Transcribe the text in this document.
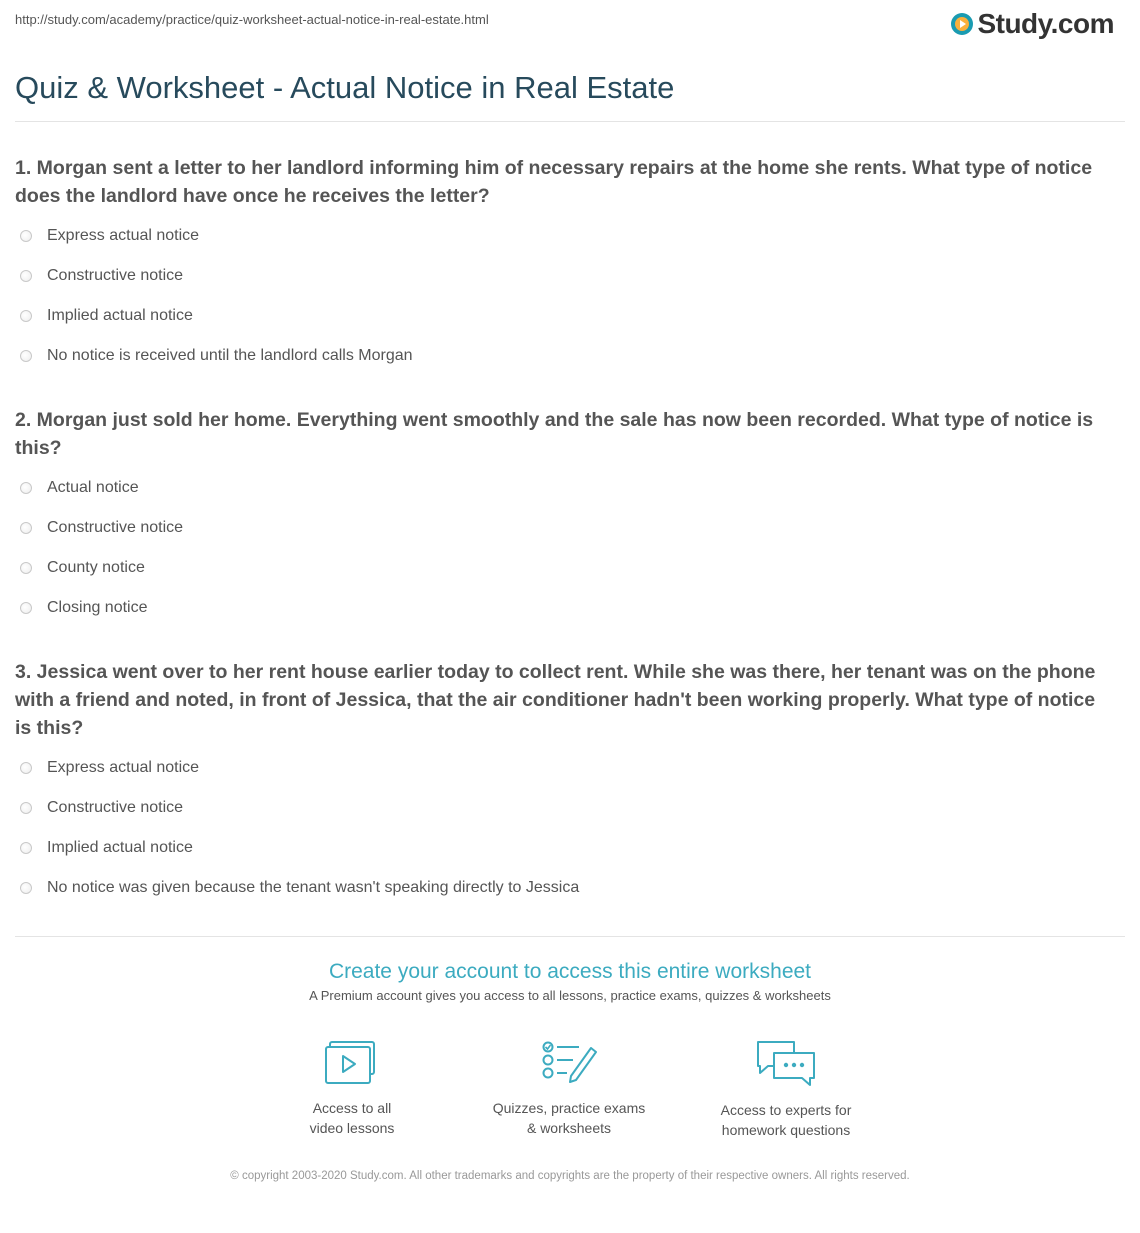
http://study.com/academy/practice/quiz-worksheet-actual-notice-in-real-estate.html	Study.com
Quiz & Worksheet - Actual Notice in Real Estate
1. Morgan sent a letter to her landlord informing him of necessary repairs at the home she rents. What type of notice does the landlord have once he receives the letter?
Express actual notice
Constructive notice
Implied actual notice
No notice is received until the landlord calls Morgan
2. Morgan just sold her home. Everything went smoothly and the sale has now been recorded. What type of notice is this?
Actual notice
Constructive notice
County notice
Closing notice
3. Jessica went over to her rent house earlier today to collect rent. While she was there, her tenant was on the phone with a friend and noted, in front of Jessica, that the air conditioner hadn't been working properly. What type of notice is this?
Express actual notice
Constructive notice
Implied actual notice
No notice was given because the tenant wasn't speaking directly to Jessica
Create your account to access this entire worksheet
A Premium account gives you access to all lessons, practice exams, quizzes & worksheets
Access to all
video lessons
Quizzes, practice exams
& worksheets
Access to experts for
homework questions
© copyright 2003-2020 Study.com. All other trademarks and copyrights are the property of their respective owners. All rights reserved.
